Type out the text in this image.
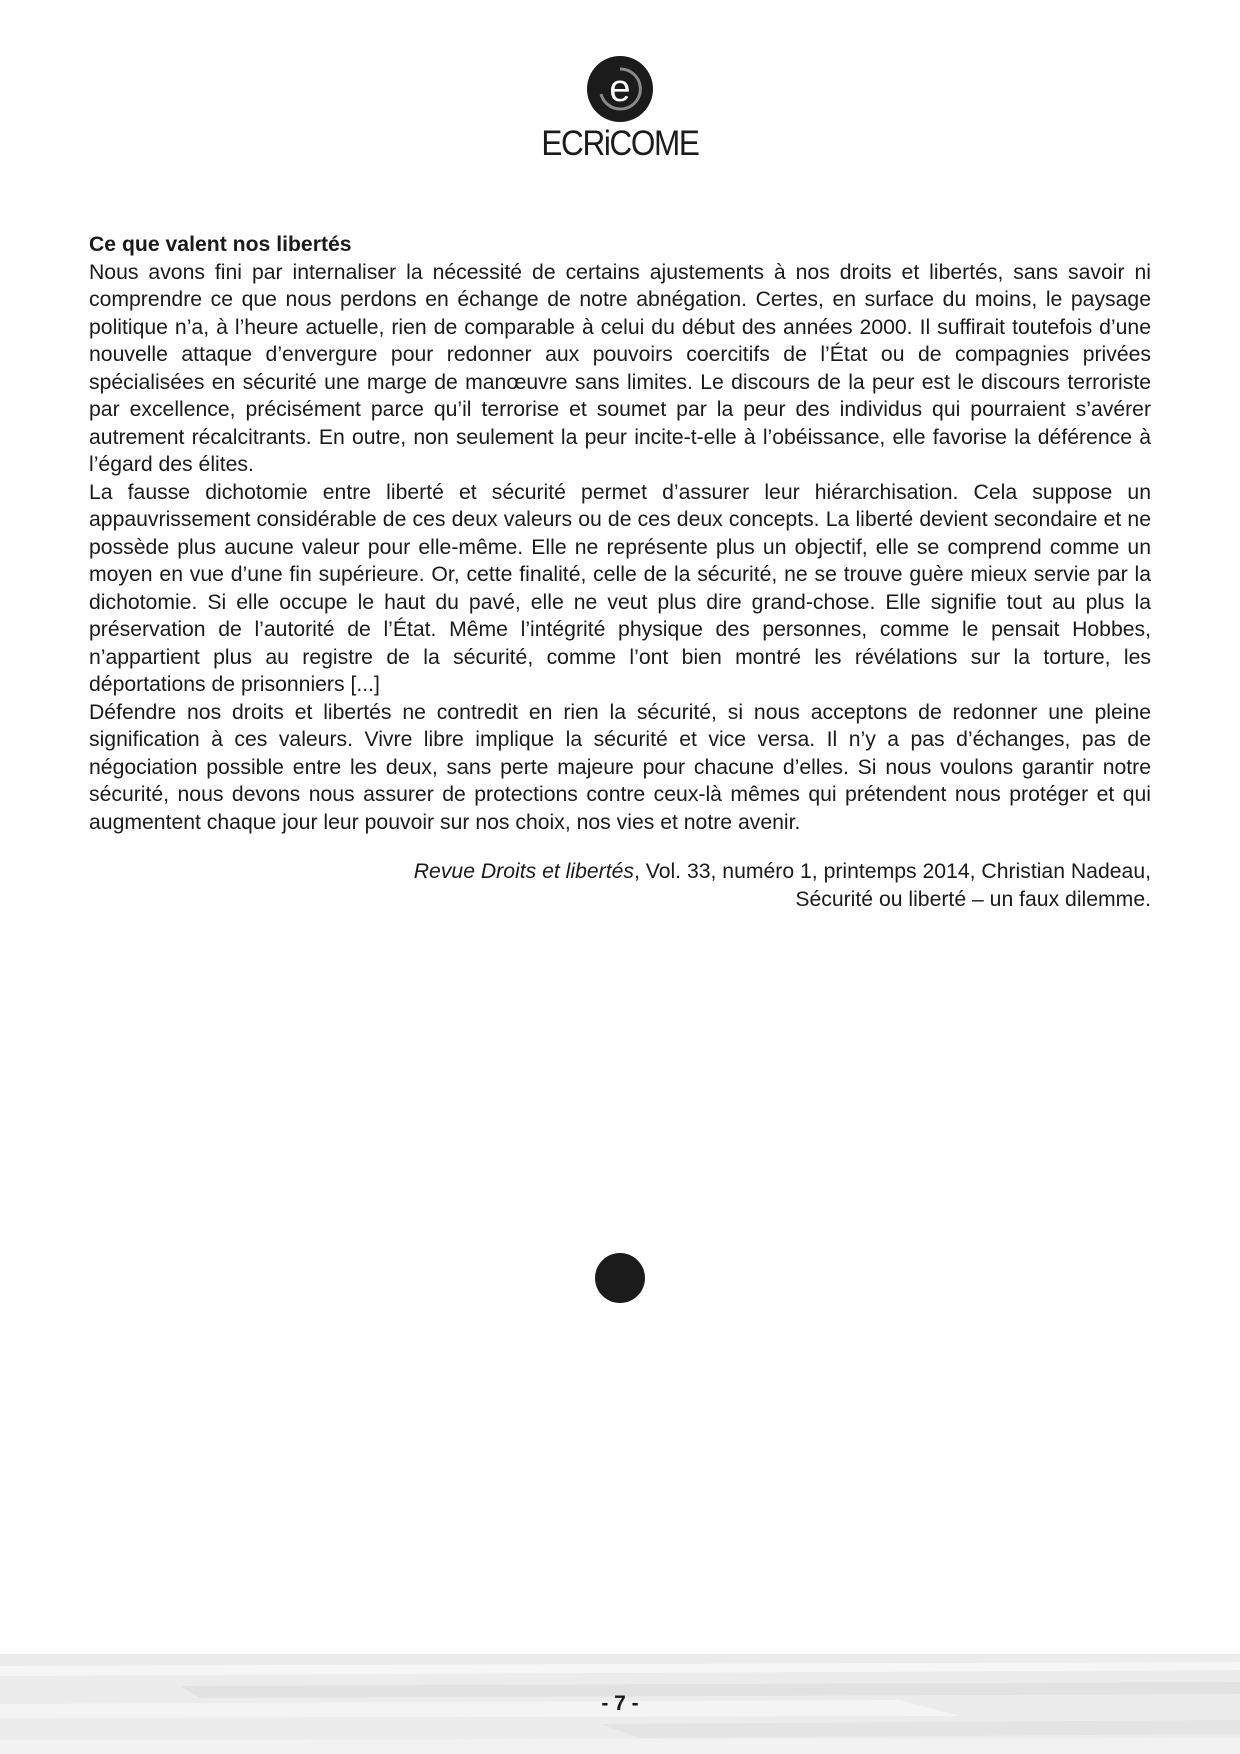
e
ECRiCOME
Ce que valent nos libertés

Nous avons fini par internaliser la nécessité de certains ajustements à nos droits et libertés, sans savoir ni comprendre ce que nous perdons en échange de notre abnégation. Certes, en surface du moins, le paysage politique n’a, à l’heure actuelle, rien de comparable à celui du début des années 2000. Il suffirait toutefois d’une nouvelle attaque d’envergure pour redonner aux pouvoirs coercitifs de l’État ou de compagnies privées spécialisées en sécurité une marge de manœuvre sans limites. Le discours de la peur est le discours terroriste par excellence, précisément parce qu’il terrorise et soumet par la peur des individus qui pourraient s’avérer autrement récalcitrants. En outre, non seulement la peur incite-t-elle à l’obéissance, elle favorise la déférence à l’égard des élites.

La fausse dichotomie entre liberté et sécurité permet d’assurer leur hiérarchisation. Cela suppose un appauvrissement considérable de ces deux valeurs ou de ces deux concepts. La liberté devient secondaire et ne possède plus aucune valeur pour elle-même. Elle ne représente plus un objectif, elle se comprend comme un moyen en vue d’une fin supérieure. Or, cette finalité, celle de la sécurité, ne se trouve guère mieux servie par la dichotomie. Si elle occupe le haut du pavé, elle ne veut plus dire grand-chose. Elle signifie tout au plus la préservation de l’autorité de l’État. Même l’intégrité physique des personnes, comme le pensait Hobbes, n’appartient plus au registre de la sécurité, comme l’ont bien montré les révélations sur la torture, les déportations de prisonniers [...]

Défendre nos droits et libertés ne contredit en rien la sécurité, si nous acceptons de redonner une pleine signification à ces valeurs. Vivre libre implique la sécurité et vice versa. Il n’y a pas d’échanges, pas de négociation possible entre les deux, sans perte majeure pour chacune d’elles. Si nous voulons garantir notre sécurité, nous devons nous assurer de protections contre ceux-là mêmes qui prétendent nous protéger et qui augmentent chaque jour leur pouvoir sur nos choix, nos vies et notre avenir.

Revue Droits et libertés, Vol. 33, numéro 1, printemps 2014, Christian Nadeau,
Sécurité ou liberté – un faux dilemme.
- 7 -
